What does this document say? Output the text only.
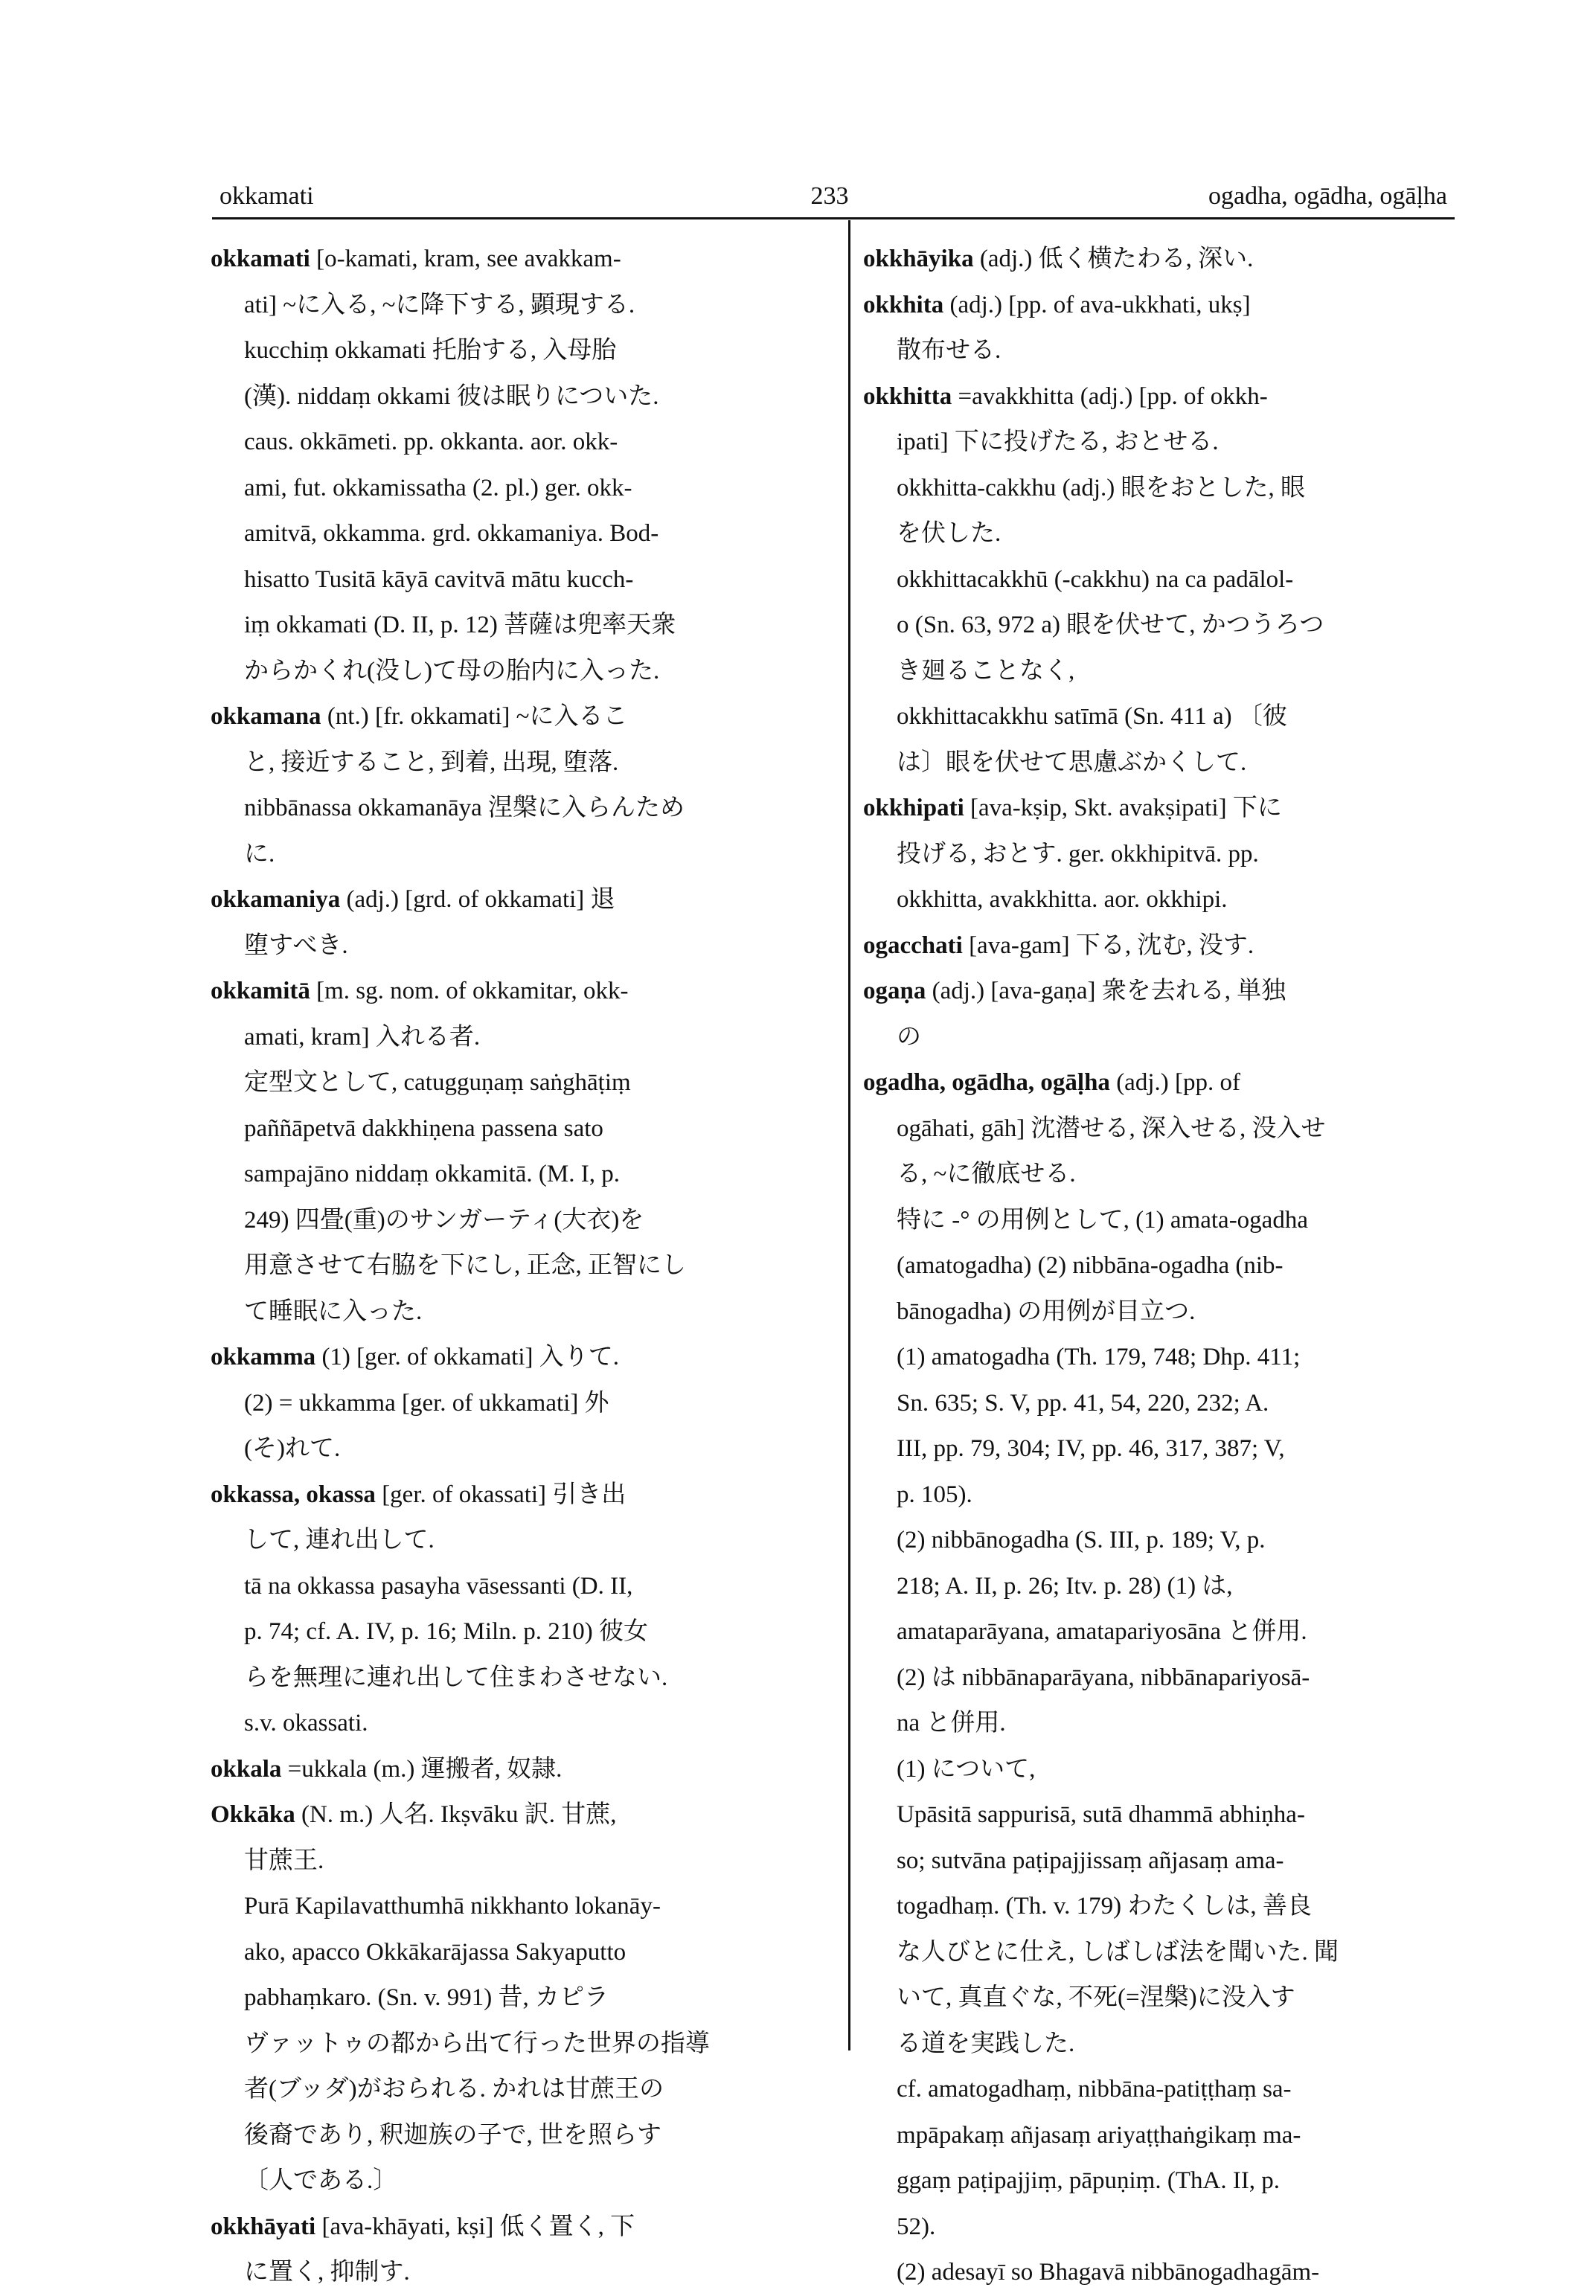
okkamati	233	ogadha, ogādha, ogāḷha
okkamati [o-kamati, kram, see avakkam-
ati] ~に入る, ~に降下する, 顕現する.
kucchiṃ okkamati 托胎する, 入母胎
(漢). niddaṃ okkami 彼は眠りについた.
caus. okkāmeti. pp. okkanta. aor. okk-
ami, fut. okkamissatha (2. pl.) ger. okk-
amitvā, okkamma. grd. okkamaniya. Bod-
hisatto Tusitā kāyā cavitvā mātu kucch-
iṃ okkamati (D. II, p. 12) 菩薩は兜率天衆
からかくれ(没し)て母の胎内に入った.
okkamana (nt.) [fr. okkamati] ~に入るこ
と, 接近すること, 到着, 出現, 堕落.
nibbānassa okkamanāya 涅槃に入らんため
に.
okkamaniya (adj.) [grd. of okkamati] 退
堕すべき.
okkamitā [m. sg. nom. of okkamitar, okk-
amati, kram] 入れる者.
定型文として, catugguṇaṃ saṅghāṭiṃ
paññāpetvā dakkhiṇena passena sato
sampajāno niddaṃ okkamitā. (M. I, p.
249) 四畳(重)のサンガーティ(大衣)を
用意させて右脇を下にし, 正念, 正智にし
て睡眠に入った.
okkamma (1) [ger. of okkamati] 入りて.
(2) = ukkamma [ger. of ukkamati] 外
(そ)れて.
okkassa, okassa [ger. of okassati] 引き出
して, 連れ出して.
tā na okkassa pasayha vāsessanti (D. II,
p. 74; cf. A. IV, p. 16; Miln. p. 210) 彼女
らを無理に連れ出して住まわさせない.
s.v. okassati.
okkala =ukkala (m.) 運搬者, 奴隷.
Okkāka (N. m.) 人名. Ikṣvāku 訳. 甘蔗,
甘蔗王.
Purā Kapilavatthumhā nikkhanto lokanāy-
ako, apacco Okkākarājassa Sakyaputto
pabhaṃkaro. (Sn. v. 991) 昔, カピラ
ヴァットゥの都から出て行った世界の指導
者(ブッダ)がおられる. かれは甘蔗王の
後裔であり, 釈迦族の子で, 世を照らす
〔人である.〕
okkhāyati [ava-khāyati, kṣi] 低く置く, 下
に置く, 抑制す.
okkhāyika (adj.) 低く横たわる, 深い.
okkhita (adj.) [pp. of ava-ukkhati, ukṣ]
散布せる.
okkhitta =avakkhitta (adj.) [pp. of okkh-
ipati] 下に投げたる, おとせる.
okkhitta-cakkhu (adj.) 眼をおとした, 眼
を伏した.
okkhittacakkhū (-cakkhu) na ca padālol-
o (Sn. 63, 972 a) 眼を伏せて, かつうろつ
き廻ることなく,
okkhittacakkhu satīmā (Sn. 411 a) 〔彼
は〕眼を伏せて思慮ぶかくして.
okkhipati [ava-kṣip, Skt. avakṣipati] 下に
投げる, おとす. ger. okkhipitvā. pp.
okkhitta, avakkhitta. aor. okkhipi.
ogacchati [ava-gam] 下る, 沈む, 没す.
ogaṇa (adj.) [ava-gaṇa] 衆を去れる, 単独
の
ogadha, ogādha, ogāḷha (adj.) [pp. of
ogāhati, gāh] 沈潜せる, 深入せる, 没入せ
る, ~に徹底せる.
特に -° の用例として, (1) amata-ogadha
(amatogadha) (2) nibbāna-ogadha (nib-
bānogadha) の用例が目立つ.
(1) amatogadha (Th. 179, 748; Dhp. 411;
Sn. 635; S. V, pp. 41, 54, 220, 232; A.
III, pp. 79, 304; IV, pp. 46, 317, 387; V,
p. 105).
(2) nibbānogadha (S. III, p. 189; V, p.
218; A. II, p. 26; Itv. p. 28) (1) は,
amataparāyana, amatapariyosāna と併用.
(2) は nibbānaparāyana, nibbānapariyosā-
na と併用.
(1) について,
Upāsitā sappurisā, sutā dhammā abhiṇha-
so; sutvāna paṭipajjissaṃ añjasaṃ ama-
togadhaṃ. (Th. v. 179) わたくしは, 善良
な人びとに仕え, しばしば法を聞いた. 聞
いて, 真直ぐな, 不死(=涅槃)に没入す
る道を実践した.
cf. amatogadhaṃ, nibbāna-patiṭṭhaṃ sa-
mpāpakaṃ añjasaṃ ariyaṭṭhaṅgikaṃ ma-
ggaṃ paṭipajjiṃ, pāpuṇiṃ. (ThA. II, p.
52).
(2) adesayī so Bhagavā nibbānogadhagām-
